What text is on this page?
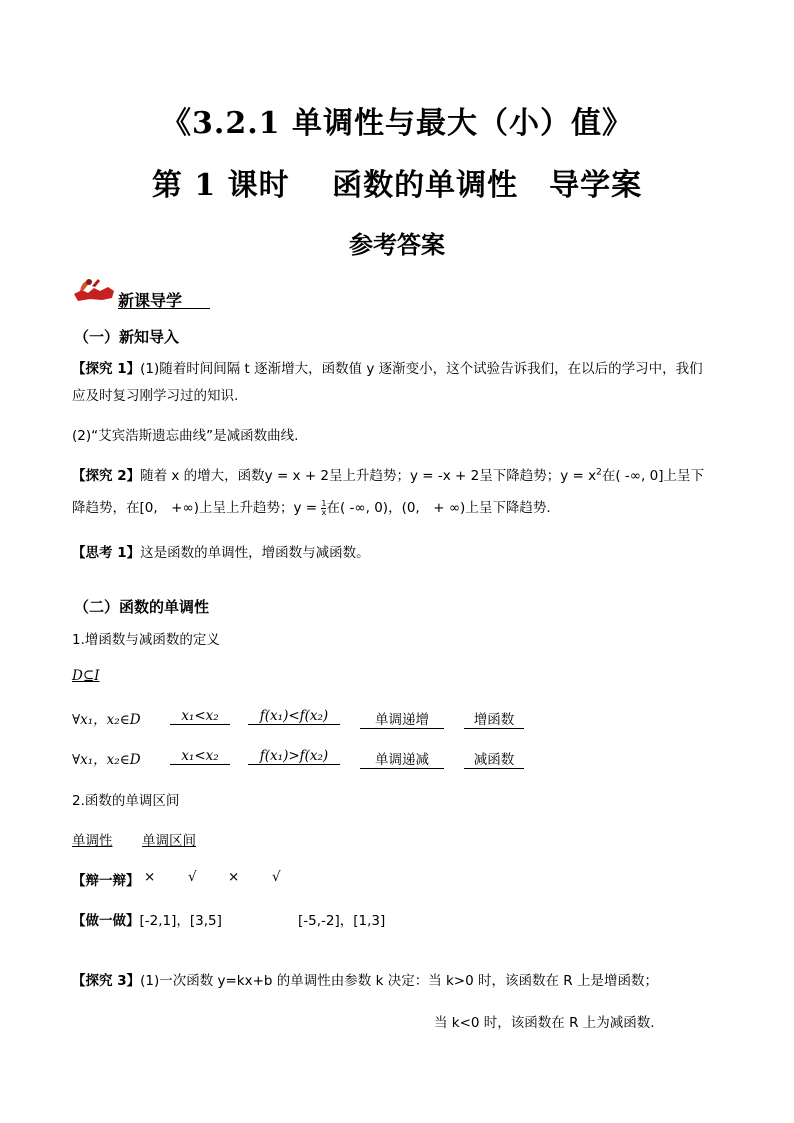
《3.2.1 单调性与最大（小）值》
第 1 课时　 函数的单调性　导学案
参考答案
新课导学
（一）新知导入
【探究 1】(1)随着时间间隔 t 逐渐增大，函数值 y 逐渐变小，这个试验告诉我们，在以后的学习中，我们
应及时复习刚学习过的知识.
(2)“艾宾浩斯遗忘曲线”是减函数曲线.
【探究 2】随着 x 的增大，函数y = x + 2呈上升趋势；y = -x + 2呈下降趋势；$y = x^2$在( -∞, 0]上呈下
降趋势，在[0,　+∞)上呈上升趋势；$y = \frac{1}{x}$ 在( -∞, 0)，(0,　+ ∞)上呈下降趋势.
【思考 1】这是函数的单调性，增函数与减函数。
（二）函数的单调性
1.增函数与减函数的定义
D⊆I
∀x₁，x₂∈D	x₁<x₂	f(x₁)<f(x₂)	单调递增	增函数
∀x₁，x₂∈D	x₁<x₂	f(x₁)>f(x₂)	单调递减	减函数
2.函数的单调区间
单调性 单调区间
【辩一辩】 × √ × √
【做一做】[-2,1]，[3,5]	[-5,-2]，[1,3]
【探究 3】(1)一次函数 y=kx+b 的单调性由参数 k 决定：当 k>0 时，该函数在 R 上是增函数；
当 k<0 时，该函数在 R 上为减函数.
